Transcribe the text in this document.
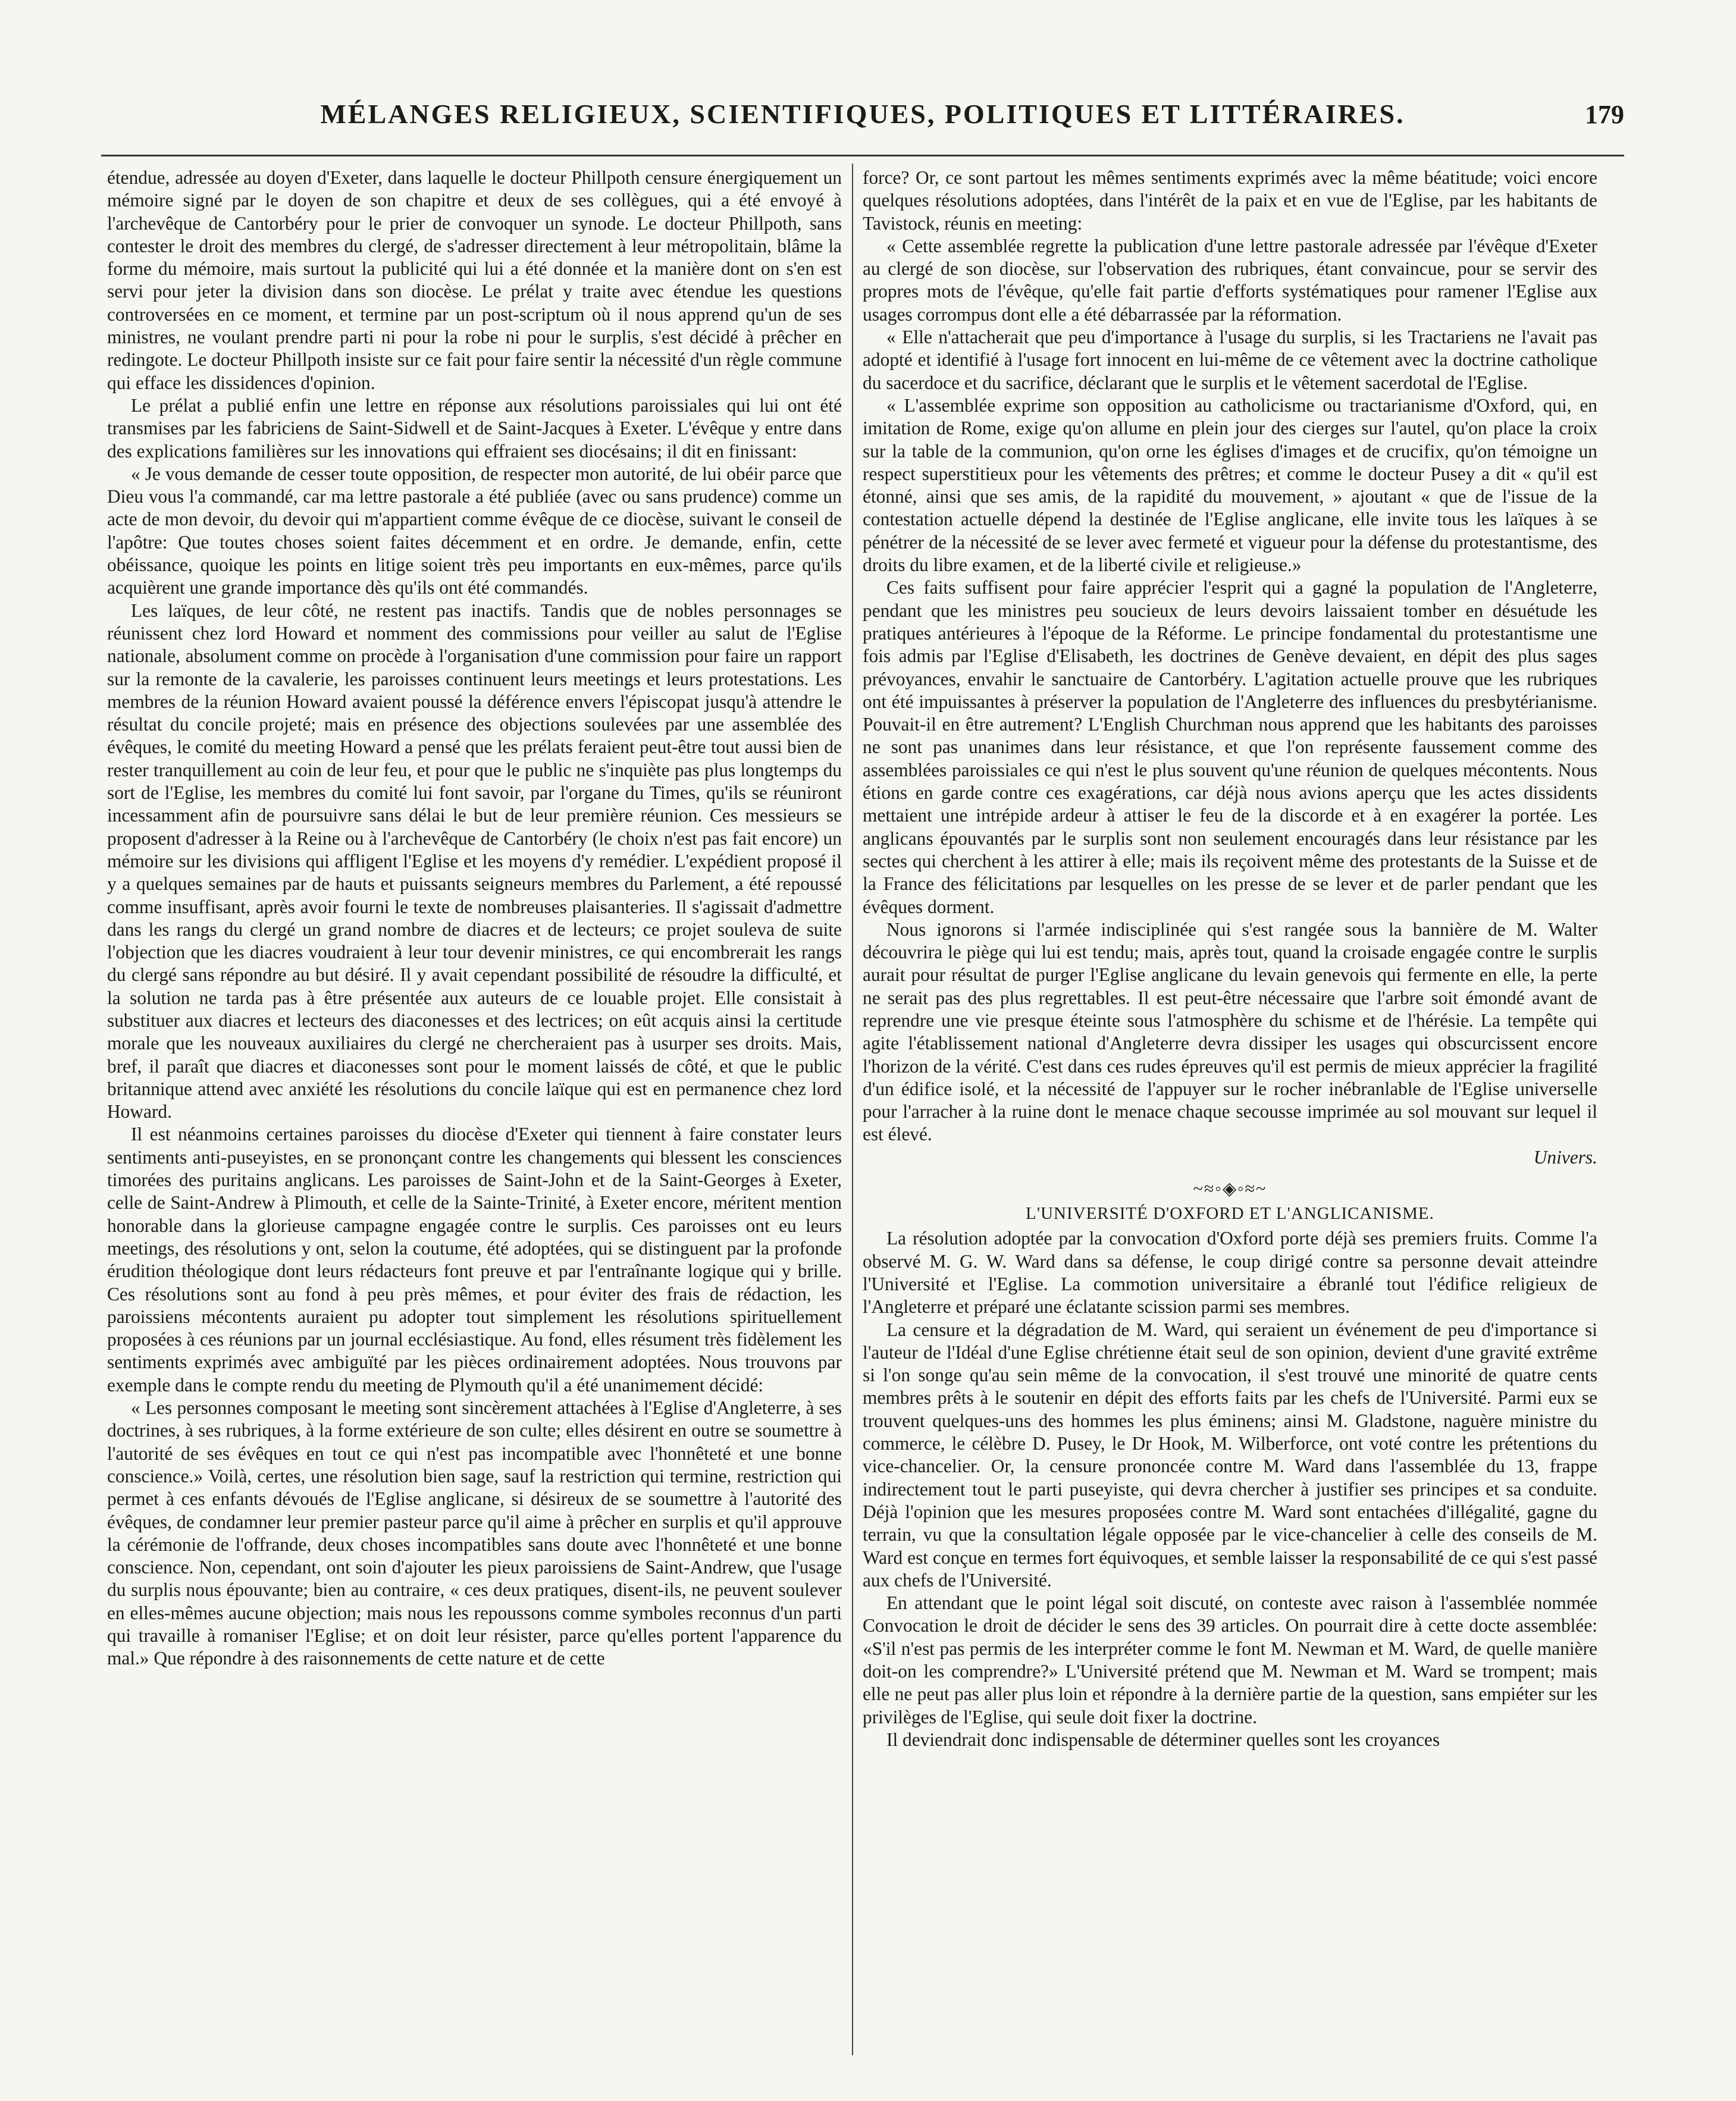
MÉLANGES RELIGIEUX, SCIENTIFIQUES, POLITIQUES ET LITTÉRAIRES.	179

étendue, adressée au doyen d'Exeter, dans laquelle le docteur Phillpoth censure énergiquement un mémoire signé par le doyen de son chapitre et deux de ses collègues, qui a été envoyé à l'archevêque de Cantorbéry pour le prier de convoquer un synode. Le docteur Phillpoth, sans contester le droit des membres du clergé, de s'adresser directement à leur métropolitain, blâme la forme du mémoire, mais surtout la publicité qui lui a été donnée et la manière dont on s'en est servi pour jeter la division dans son diocèse. Le prélat y traite avec étendue les questions controversées en ce moment, et termine par un post-scriptum où il nous apprend qu'un de ses ministres, ne voulant prendre parti ni pour la robe ni pour le surplis, s'est décidé à prêcher en redingote. Le docteur Phillpoth insiste sur ce fait pour faire sentir la nécessité d'un règle commune qui efface les dissidences d'opinion.

Le prélat a publié enfin une lettre en réponse aux résolutions paroissiales qui lui ont été transmises par les fabriciens de Saint-Sidwell et de Saint-Jacques à Exeter. L'évêque y entre dans des explications familières sur les innovations qui effraient ses diocésains; il dit en finissant:

« Je vous demande de cesser toute opposition, de respecter mon autorité, de lui obéir parce que Dieu vous l'a commandé, car ma lettre pastorale a été publiée (avec ou sans prudence) comme un acte de mon devoir, du devoir qui m'appartient comme évêque de ce diocèse, suivant le conseil de l'apôtre: Que toutes choses soient faites décemment et en ordre. Je demande, enfin, cette obéissance, quoique les points en litige soient très peu importants en eux-mêmes, parce qu'ils acquièrent une grande importance dès qu'ils ont été commandés.

Les laïques, de leur côté, ne restent pas inactifs. Tandis que de nobles personnages se réunissent chez lord Howard et nomment des commissions pour veiller au salut de l'Eglise nationale, absolument comme on procède à l'organisation d'une commission pour faire un rapport sur la remonte de la cavalerie, les paroisses continuent leurs meetings et leurs protestations. Les membres de la réunion Howard avaient poussé la déférence envers l'épiscopat jusqu'à attendre le résultat du concile projeté; mais en présence des objections soulevées par une assemblée des évêques, le comité du meeting Howard a pensé que les prélats feraient peut-être tout aussi bien de rester tranquillement au coin de leur feu, et pour que le public ne s'inquiète pas plus longtemps du sort de l'Eglise, les membres du comité lui font savoir, par l'organe du Times, qu'ils se réuniront incessamment afin de poursuivre sans délai le but de leur première réunion. Ces messieurs se proposent d'adresser à la Reine ou à l'archevêque de Cantorbéry (le choix n'est pas fait encore) un mémoire sur les divisions qui affligent l'Eglise et les moyens d'y remédier. L'expédient proposé il y a quelques semaines par de hauts et puissants seigneurs membres du Parlement, a été repoussé comme insuffisant, après avoir fourni le texte de nombreuses plaisanteries. Il s'agissait d'admettre dans les rangs du clergé un grand nombre de diacres et de lecteurs; ce projet souleva de suite l'objection que les diacres voudraient à leur tour devenir ministres, ce qui encombrerait les rangs du clergé sans répondre au but désiré. Il y avait cependant possibilité de résoudre la difficulté, et la solution ne tarda pas à être présentée aux auteurs de ce louable projet. Elle consistait à substituer aux diacres et lecteurs des diaconesses et des lectrices; on eût acquis ainsi la certitude morale que les nouveaux auxiliaires du clergé ne chercheraient pas à usurper ses droits. Mais, bref, il paraît que diacres et diaconesses sont pour le moment laissés de côté, et que le public britannique attend avec anxiété les résolutions du concile laïque qui est en permanence chez lord Howard.

Il est néanmoins certaines paroisses du diocèse d'Exeter qui tiennent à faire constater leurs sentiments anti-puseyistes, en se prononçant contre les changements qui blessent les consciences timorées des puritains anglicans. Les paroisses de Saint-John et de la Saint-Georges à Exeter, celle de Saint-Andrew à Plimouth, et celle de la Sainte-Trinité, à Exeter encore, méritent mention honorable dans la glorieuse campagne engagée contre le surplis. Ces paroisses ont eu leurs meetings, des résolutions y ont, selon la coutume, été adoptées, qui se distinguent par la profonde érudition théologique dont leurs rédacteurs font preuve et par l'entraînante logique qui y brille. Ces résolutions sont au fond à peu près mêmes, et pour éviter des frais de rédaction, les paroissiens mécontents auraient pu adopter tout simplement les résolutions spirituellement proposées à ces réunions par un journal ecclésiastique. Au fond, elles résument très fidèlement les sentiments exprimés avec ambiguïté par les pièces ordinairement adoptées. Nous trouvons par exemple dans le compte rendu du meeting de Plymouth qu'il a été unanimement décidé:

« Les personnes composant le meeting sont sincèrement attachées à l'Eglise d'Angleterre, à ses doctrines, à ses rubriques, à la forme extérieure de son culte; elles désirent en outre se soumettre à l'autorité de ses évêques en tout ce qui n'est pas incompatible avec l'honnêteté et une bonne conscience.» Voilà, certes, une résolution bien sage, sauf la restriction qui termine, restriction qui permet à ces enfants dévoués de l'Eglise anglicane, si désireux de se soumettre à l'autorité des évêques, de condamner leur premier pasteur parce qu'il aime à prêcher en surplis et qu'il approuve la cérémonie de l'offrande, deux choses incompatibles sans doute avec l'honnêteté et une bonne conscience. Non, cependant, ont soin d'ajouter les pieux paroissiens de Saint-Andrew, que l'usage du surplis nous épouvante; bien au contraire, « ces deux pratiques, disent-ils, ne peuvent soulever en elles-mêmes aucune objection; mais nous les repoussons comme symboles reconnus d'un parti qui travaille à romaniser l'Eglise; et on doit leur résister, parce qu'elles portent l'apparence du mal.» Que répondre à des raisonnements de cette nature et de cette

force? Or, ce sont partout les mêmes sentiments exprimés avec la même béatitude; voici encore quelques résolutions adoptées, dans l'intérêt de la paix et en vue de l'Eglise, par les habitants de Tavistock, réunis en meeting:

« Cette assemblée regrette la publication d'une lettre pastorale adressée par l'évêque d'Exeter au clergé de son diocèse, sur l'observation des rubriques, étant convaincue, pour se servir des propres mots de l'évêque, qu'elle fait partie d'efforts systématiques pour ramener l'Eglise aux usages corrompus dont elle a été débarrassée par la réformation.

« Elle n'attacherait que peu d'importance à l'usage du surplis, si les Tractariens ne l'avait pas adopté et identifié à l'usage fort innocent en lui-même de ce vêtement avec la doctrine catholique du sacerdoce et du sacrifice, déclarant que le surplis et le vêtement sacerdotal de l'Eglise.

« L'assemblée exprime son opposition au catholicisme ou tractarianisme d'Oxford, qui, en imitation de Rome, exige qu'on allume en plein jour des cierges sur l'autel, qu'on place la croix sur la table de la communion, qu'on orne les églises d'images et de crucifix, qu'on témoigne un respect superstitieux pour les vêtements des prêtres; et comme le docteur Pusey a dit « qu'il est étonné, ainsi que ses amis, de la rapidité du mouvement, » ajoutant « que de l'issue de la contestation actuelle dépend la destinée de l'Eglise anglicane, elle invite tous les laïques à se pénétrer de la nécessité de se lever avec fermeté et vigueur pour la défense du protestantisme, des droits du libre examen, et de la liberté civile et religieuse.»

Ces faits suffisent pour faire apprécier l'esprit qui a gagné la population de l'Angleterre, pendant que les ministres peu soucieux de leurs devoirs laissaient tomber en désuétude les pratiques antérieures à l'époque de la Réforme. Le principe fondamental du protestantisme une fois admis par l'Eglise d'Elisabeth, les doctrines de Genève devaient, en dépit des plus sages prévoyances, envahir le sanctuaire de Cantorbéry. L'agitation actuelle prouve que les rubriques ont été impuissantes à préserver la population de l'Angleterre des influences du presbytérianisme. Pouvait-il en être autrement? L'English Churchman nous apprend que les habitants des paroisses ne sont pas unanimes dans leur résistance, et que l'on représente faussement comme des assemblées paroissiales ce qui n'est le plus souvent qu'une réunion de quelques mécontents. Nous étions en garde contre ces exagérations, car déjà nous avions aperçu que les actes dissidents mettaient une intrépide ardeur à attiser le feu de la discorde et à en exagérer la portée. Les anglicans épouvantés par le surplis sont non seulement encouragés dans leur résistance par les sectes qui cherchent à les attirer à elle; mais ils reçoivent même des protestants de la Suisse et de la France des félicitations par lesquelles on les presse de se lever et de parler pendant que les évêques dorment.

Nous ignorons si l'armée indisciplinée qui s'est rangée sous la bannière de M. Walter découvrira le piège qui lui est tendu; mais, après tout, quand la croisade engagée contre le surplis aurait pour résultat de purger l'Eglise anglicane du levain genevois qui fermente en elle, la perte ne serait pas des plus regrettables. Il est peut-être nécessaire que l'arbre soit émondé avant de reprendre une vie presque éteinte sous l'atmosphère du schisme et de l'hérésie. La tempête qui agite l'établissement national d'Angleterre devra dissiper les usages qui obscurcissent encore l'horizon de la vérité. C'est dans ces rudes épreuves qu'il est permis de mieux apprécier la fragilité d'un édifice isolé, et la nécessité de l'appuyer sur le rocher inébranlable de l'Eglise universelle pour l'arracher à la ruine dont le menace chaque secousse imprimée au sol mouvant sur lequel il est élevé.

Univers.

~≈◦◈◦≈~
L'UNIVERSITÉ D'OXFORD ET L'ANGLICANISME.

La résolution adoptée par la convocation d'Oxford porte déjà ses premiers fruits. Comme l'a observé M. G. W. Ward dans sa défense, le coup dirigé contre sa personne devait atteindre l'Université et l'Eglise. La commotion universitaire a ébranlé tout l'édifice religieux de l'Angleterre et préparé une éclatante scission parmi ses membres.

La censure et la dégradation de M. Ward, qui seraient un événement de peu d'importance si l'auteur de l'Idéal d'une Eglise chrétienne était seul de son opinion, devient d'une gravité extrême si l'on songe qu'au sein même de la convocation, il s'est trouvé une minorité de quatre cents membres prêts à le soutenir en dépit des efforts faits par les chefs de l'Université. Parmi eux se trouvent quelques-uns des hommes les plus éminens; ainsi M. Gladstone, naguère ministre du commerce, le célèbre D. Pusey, le Dr Hook, M. Wilberforce, ont voté contre les prétentions du vice-chancelier. Or, la censure prononcée contre M. Ward dans l'assemblée du 13, frappe indirectement tout le parti puseyiste, qui devra chercher à justifier ses principes et sa conduite. Déjà l'opinion que les mesures proposées contre M. Ward sont entachées d'illégalité, gagne du terrain, vu que la consultation légale opposée par le vice-chancelier à celle des conseils de M. Ward est conçue en termes fort équivoques, et semble laisser la responsabilité de ce qui s'est passé aux chefs de l'Université.

En attendant que le point légal soit discuté, on conteste avec raison à l'assemblée nommée Convocation le droit de décider le sens des 39 articles. On pourrait dire à cette docte assemblée: «S'il n'est pas permis de les interpréter comme le font M. Newman et M. Ward, de quelle manière doit-on les comprendre?» L'Université prétend que M. Newman et M. Ward se trompent; mais elle ne peut pas aller plus loin et répondre à la dernière partie de la question, sans empiéter sur les privilèges de l'Eglise, qui seule doit fixer la doctrine.

Il deviendrait donc indispensable de déterminer quelles sont les croyances
